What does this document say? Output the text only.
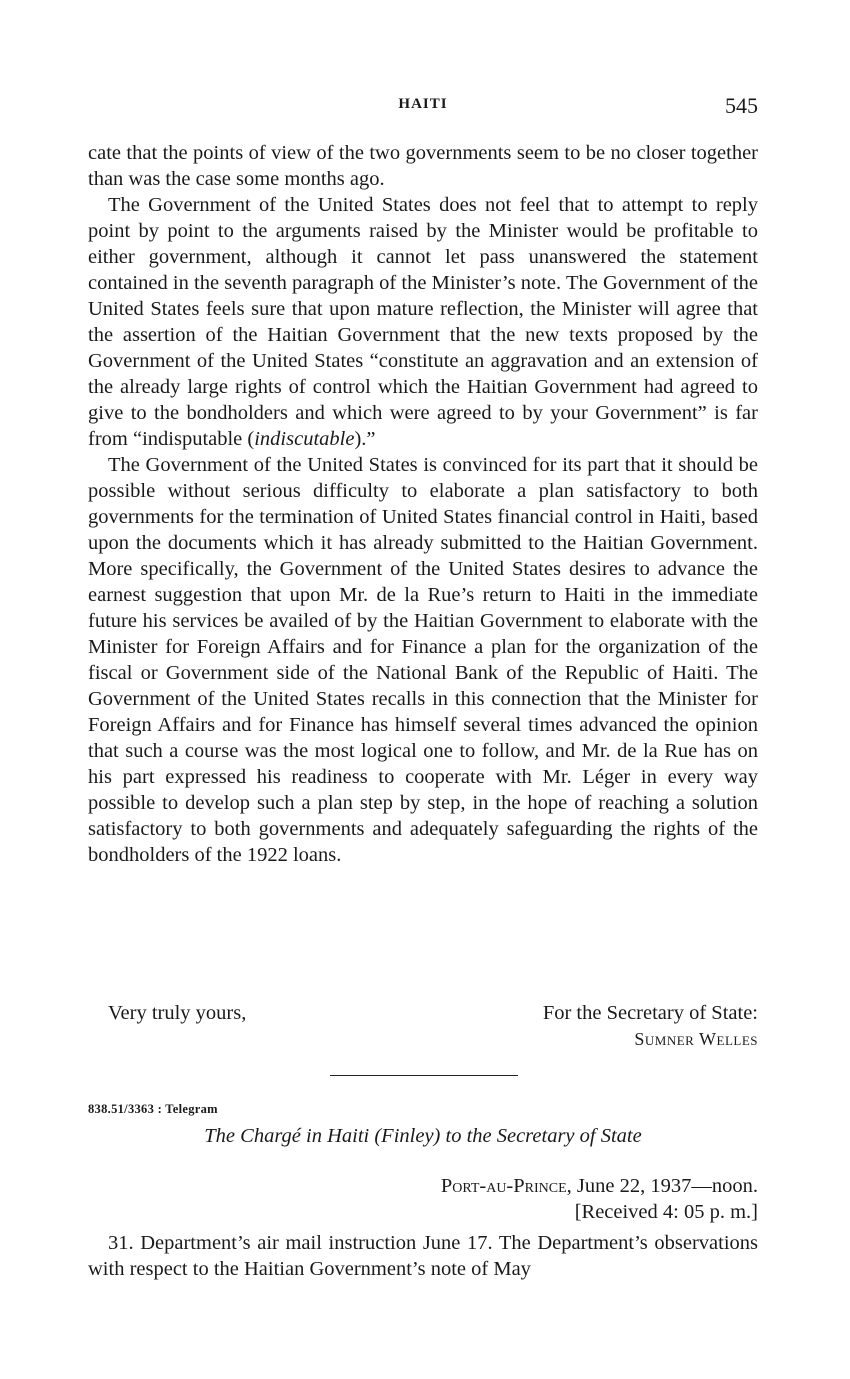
HAITI	545

cate that the points of view of the two governments seem to be no closer together than was the case some months ago.

The Government of the United States does not feel that to attempt to reply point by point to the arguments raised by the Minister would be profitable to either government, although it cannot let pass unanswered the statement contained in the seventh paragraph of the Minister’s note. The Government of the United States feels sure that upon mature reflection, the Minister will agree that the assertion of the Haitian Government that the new texts proposed by the Government of the United States “constitute an aggravation and an extension of the already large rights of control which the Haitian Government had agreed to give to the bondholders and which were agreed to by your Government” is far from “indisputable (indiscutable).”

The Government of the United States is convinced for its part that it should be possible without serious difficulty to elaborate a plan satisfactory to both governments for the termination of United States financial control in Haiti, based upon the documents which it has already submitted to the Haitian Government. More specifically, the Government of the United States desires to advance the earnest suggestion that upon Mr. de la Rue’s return to Haiti in the immediate future his services be availed of by the Haitian Government to elaborate with the Minister for Foreign Affairs and for Finance a plan for the organization of the fiscal or Government side of the National Bank of the Republic of Haiti. The Government of the United States recalls in this connection that the Minister for Foreign Affairs and for Finance has himself several times advanced the opinion that such a course was the most logical one to follow, and Mr. de la Rue has on his part expressed his readiness to cooperate with Mr. Léger in every way possible to develop such a plan step by step, in the hope of reaching a solution satisfactory to both governments and adequately safeguarding the rights of the bondholders of the 1922 loans.

Very truly yours,	For the Secretary of State:
Sumner Welles
838.51/3363 : Telegram
The Chargé in Haiti (Finley) to the Secretary of State
Port-au-Prince, June 22, 1937—noon.
[Received 4: 05 p. m.]

31. Department’s air mail instruction June 17. The Department’s observations with respect to the Haitian Government’s note of May
